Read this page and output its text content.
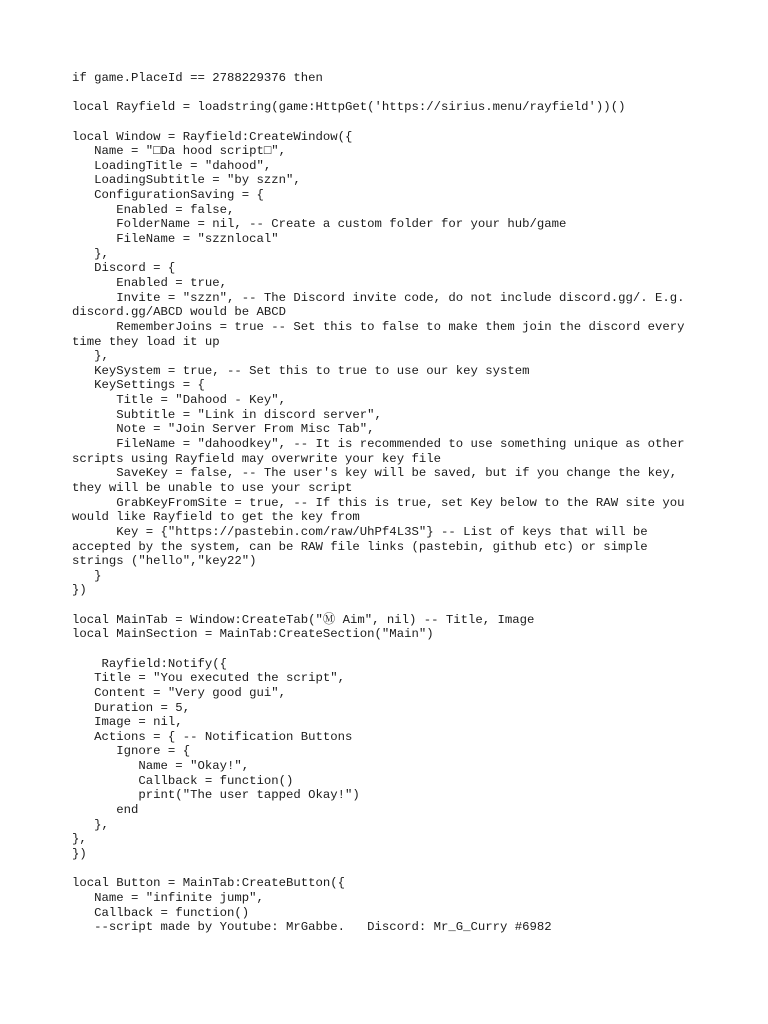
if game.PlaceId == 2788229376 then
local Rayfield = loadstring(game:HttpGet('https://sirius.menu/rayfield'))()
local Window = Rayfield:CreateWindow({
Name = "□Da hood script□",
LoadingTitle = "dahood",
LoadingSubtitle = "by szzn",
ConfigurationSaving = {
Enabled = false,
FolderName = nil, -- Create a custom folder for your hub/game
FileName = "szznlocal"
},
Discord = {
Enabled = true,
Invite = "szzn", -- The Discord invite code, do not include discord.gg/. E.g.
discord.gg/ABCD would be ABCD
RememberJoins = true -- Set this to false to make them join the discord every
time they load it up
},
KeySystem = true, -- Set this to true to use our key system
KeySettings = {
Title = "Dahood - Key",
Subtitle = "Link in discord server",
Note = "Join Server From Misc Tab",
FileName = "dahoodkey", -- It is recommended to use something unique as other
scripts using Rayfield may overwrite your key file
SaveKey = false, -- The user's key will be saved, but if you change the key,
they will be unable to use your script
GrabKeyFromSite = true, -- If this is true, set Key below to the RAW site you
would like Rayfield to get the key from
Key = {"https://pastebin.com/raw/UhPf4L3S"} -- List of keys that will be
accepted by the system, can be RAW file links (pastebin, github etc) or simple
strings ("hello","key22")
}
})
local MainTab = Window:CreateTab("Ⓜ Aim", nil) -- Title, Image
local MainSection = MainTab:CreateSection("Main")
Rayfield:Notify({
Title = "You executed the script",
Content = "Very good gui",
Duration = 5,
Image = nil,
Actions = { -- Notification Buttons
Ignore = {
Name = "Okay!",
Callback = function()
print("The user tapped Okay!")
end
},
},
})
local Button = MainTab:CreateButton({
Name = "infinite jump",
Callback = function()
--script made by Youtube: MrGabbe.   Discord: Mr_G_Curry #6982
